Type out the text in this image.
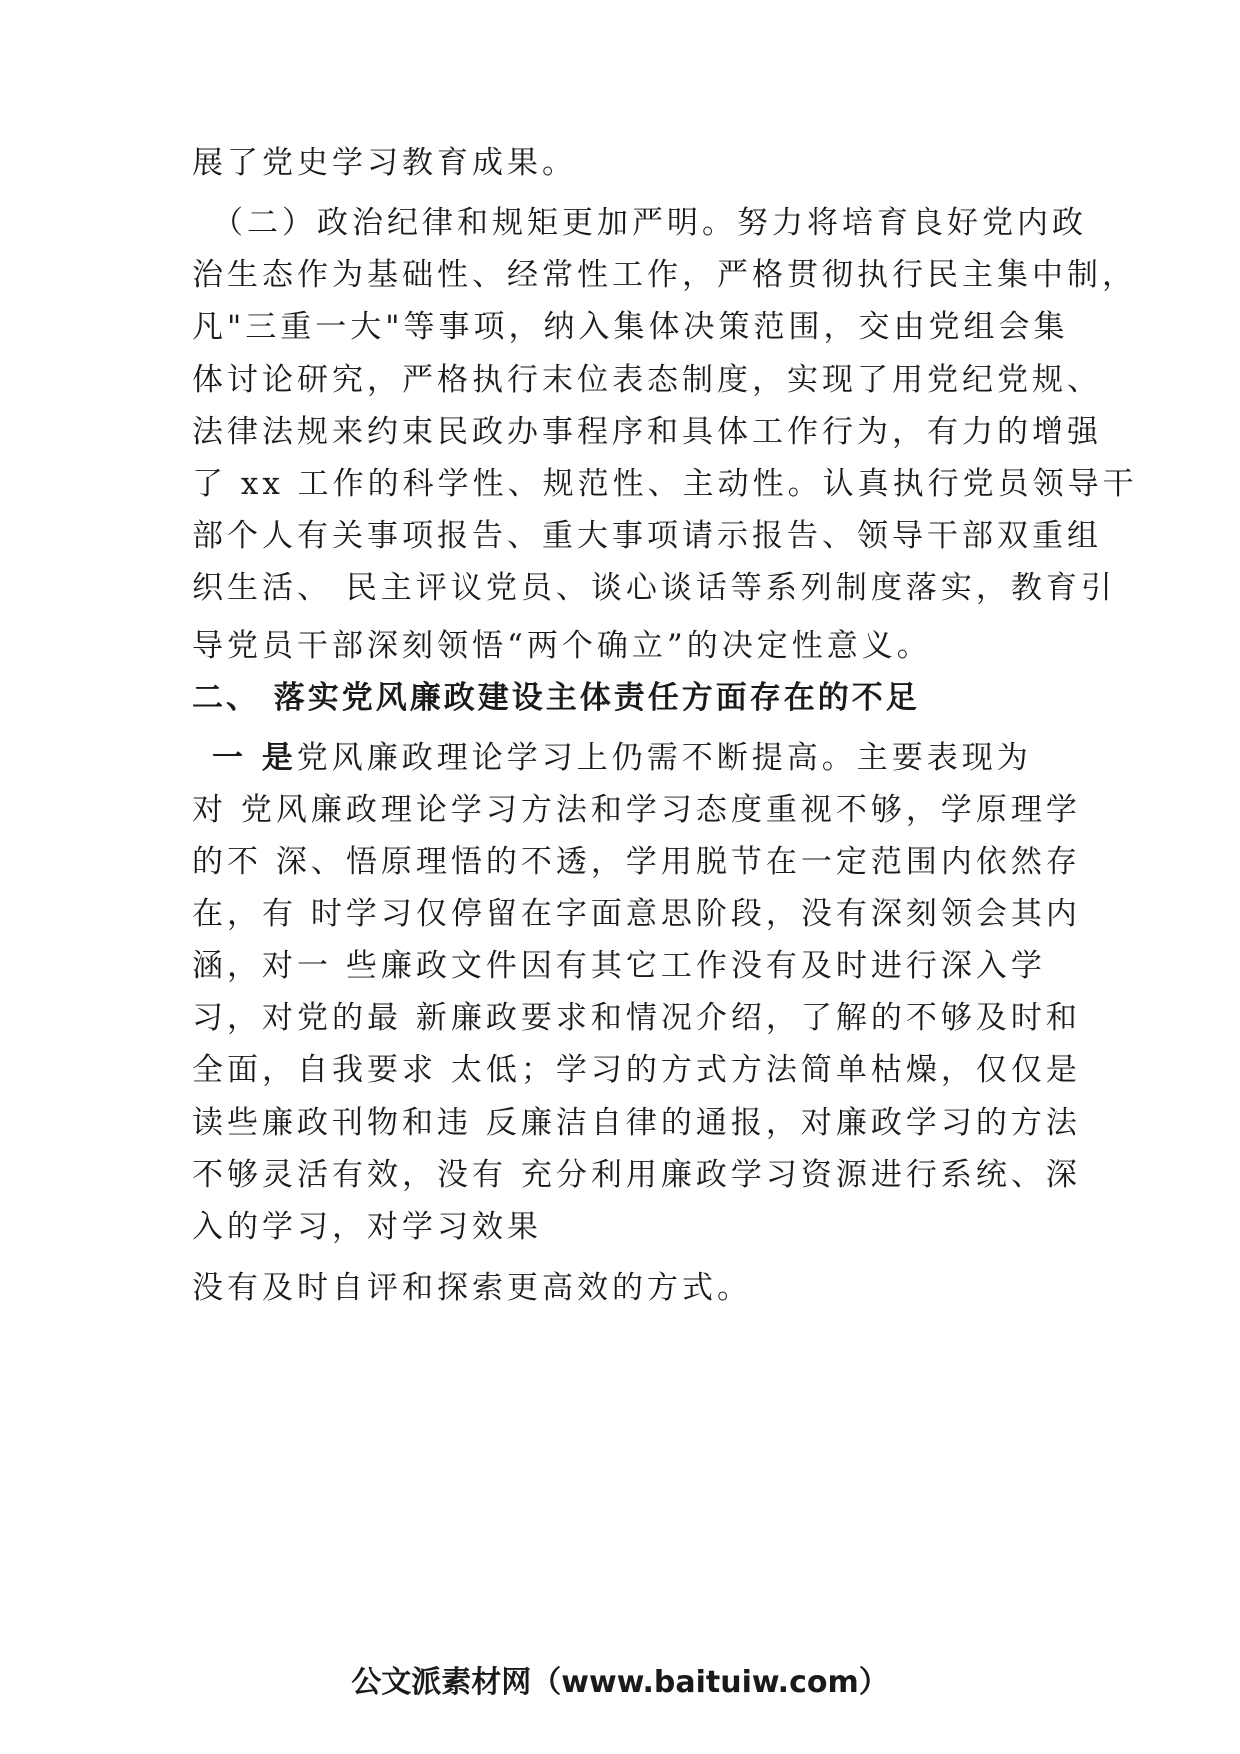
展了党史学习教育成果。

（二）政治纪律和规矩更加严明。努力将培育良好党内政

治生态作为基础性、经常性工作，严格贯彻执行民主集中制，

凡"三重一大"等事项，纳入集体决策范围，交由党组会集

体讨论研究，严格执行末位表态制度，实现了用党纪党规、

法律法规来约束民政办事程序和具体工作行为，有力的增强

了 xx 工作的科学性、规范性、主动性。认真执行党员领导干

部个人有关事项报告、重大事项请示报告、领导干部双重组

织生活、 民主评议党员、谈心谈话等系列制度落实，教育引

导党员干部深刻领悟“两个确立”的决定性意义。

二、 落实党风廉政建设主体责任方面存在的不足

一 是党风廉政理论学习上仍需不断提高。主要表现为

对 党风廉政理论学习方法和学习态度重视不够，学原理学

的不 深、悟原理悟的不透，学用脱节在一定范围内依然存

在，有 时学习仅停留在字面意思阶段，没有深刻领会其内

涵，对一 些廉政文件因有其它工作没有及时进行深入学

习，对党的最 新廉政要求和情况介绍，了解的不够及时和

全面，自我要求 太低；学习的方式方法简单枯燥，仅仅是

读些廉政刊物和违 反廉洁自律的通报，对廉政学习的方法

不够灵活有效，没有 充分利用廉政学习资源进行系统、深

入的学习，对学习效果

没有及时自评和探索更高效的方式。

公文派素材网（www.baituiw.com）
